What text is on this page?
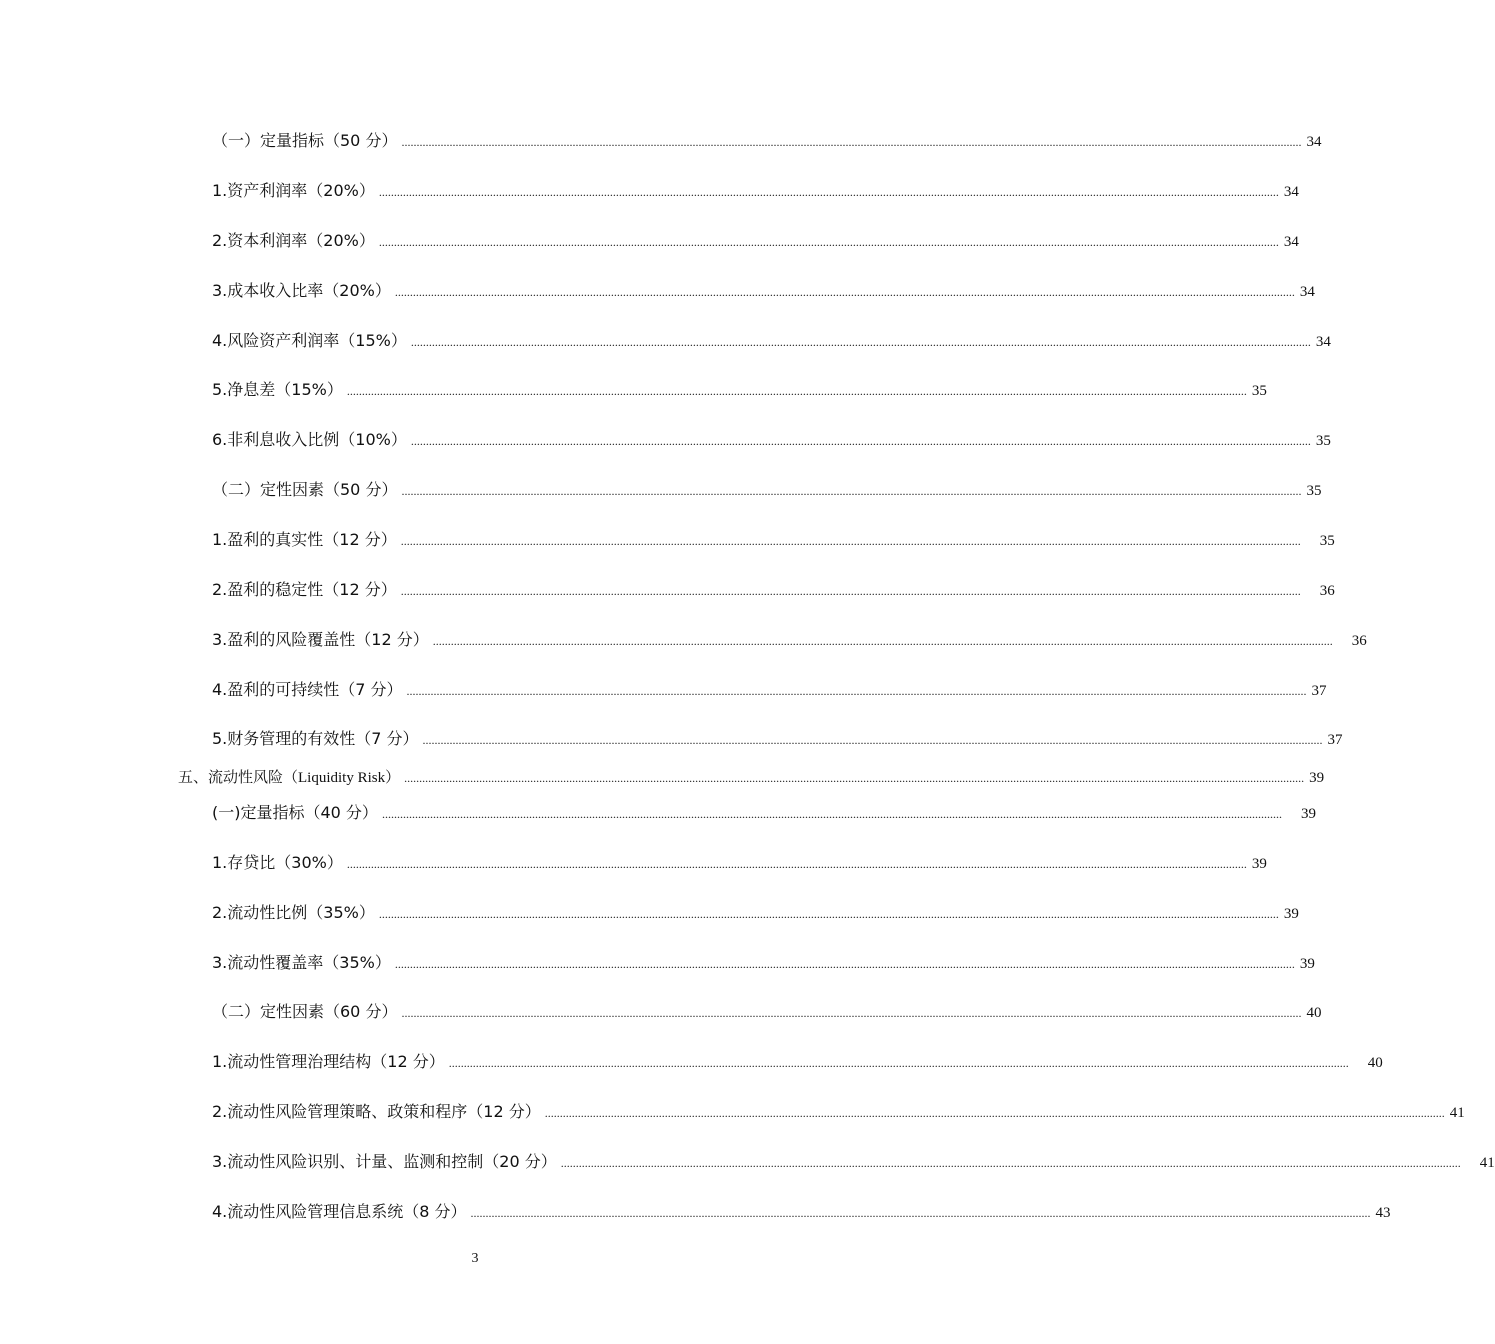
（一）定量指标（50 分） ............................................................................................................................................................................................................................................................................................................ 34
1.资产利润率（20%） ............................................................................................................................................................................................................................................................................................................ 34
2.资本利润率（20%） ............................................................................................................................................................................................................................................................................................................ 34
3.成本收入比率（20%） ............................................................................................................................................................................................................................................................................................................ 34
4.风险资产利润率（15%） ............................................................................................................................................................................................................................................................................................................ 34
5.净息差（15%） ............................................................................................................................................................................................................................................................................................................ 35
6.非利息收入比例（10%） ............................................................................................................................................................................................................................................................................................................ 35
（二）定性因素（50 分） ............................................................................................................................................................................................................................................................................................................ 35
1.盈利的真实性（12 分） ............................................................................................................................................................................................................................................................................................................ 35
2.盈利的稳定性（12 分） ............................................................................................................................................................................................................................................................................................................ 36
3.盈利的风险覆盖性（12 分） ............................................................................................................................................................................................................................................................................................................ 36
4.盈利的可持续性（7 分） ............................................................................................................................................................................................................................................................................................................ 37
5.财务管理的有效性（7 分） ............................................................................................................................................................................................................................................................................................................ 37
五、流动性风险（Liquidity Risk） ............................................................................................................................................................................................................................................................................................................ 39
(一)定量指标（40 分） ............................................................................................................................................................................................................................................................................................................ 39
1.存贷比（30%） ............................................................................................................................................................................................................................................................................................................ 39
2.流动性比例（35%） ............................................................................................................................................................................................................................................................................................................ 39
3.流动性覆盖率（35%） ............................................................................................................................................................................................................................................................................................................ 39
（二）定性因素（60 分） ............................................................................................................................................................................................................................................................................................................ 40
1.流动性管理治理结构（12 分） ............................................................................................................................................................................................................................................................................................................ 40
2.流动性风险管理策略、政策和程序（12 分） ............................................................................................................................................................................................................................................................................................................ 41
3.流动性风险识别、计量、监测和控制（20 分） ............................................................................................................................................................................................................................................................................................................ 41
4.流动性风险管理信息系统（8 分） ............................................................................................................................................................................................................................................................................................................ 43
3
